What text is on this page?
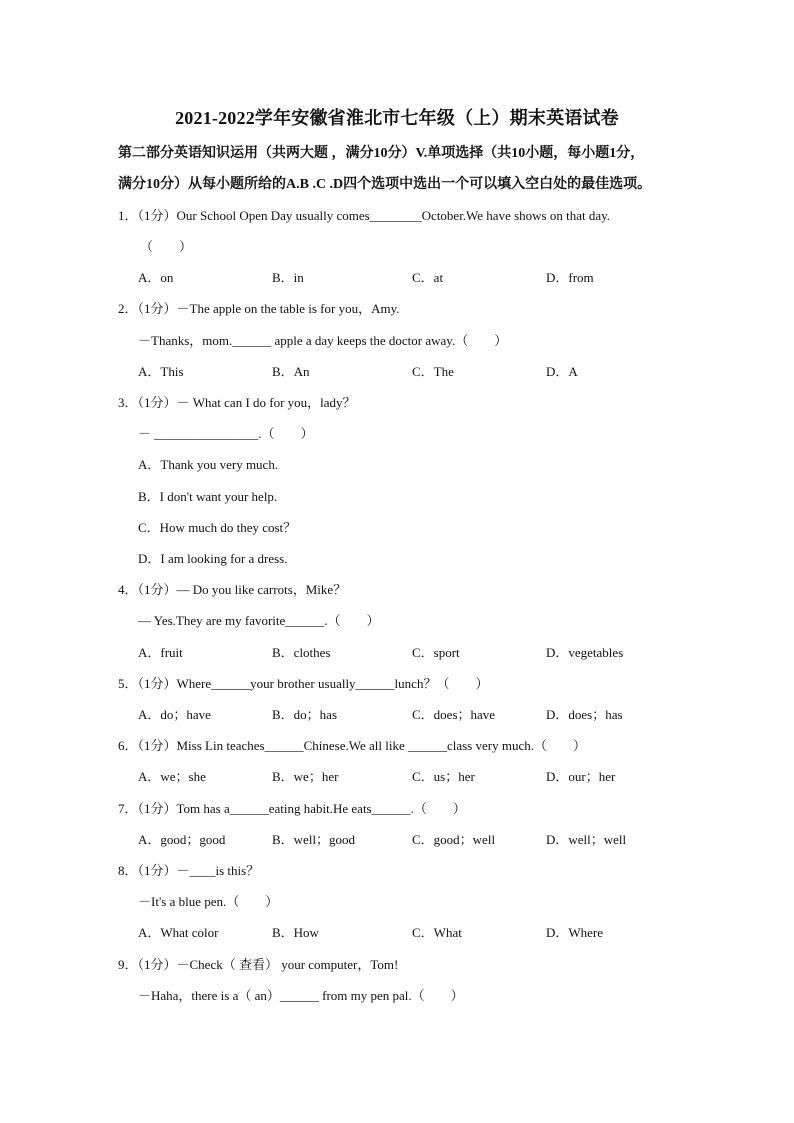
2021-2022学年安徽省淮北市七年级（上）期末英语试卷
第二部分英语知识运用（共两大题 ，满分10分）V.单项选择（共10小题，每小题1分，
满分10分）从每小题所给的A.B .C .D四个选项中选出一个可以填入空白处的最佳选项。
1．（1分）Our School Open Day usually comes________October.We have shows on that day.
（　　）
A．on	B．in	C．at	D．from
2．（1分）－The apple on the table is for you，Amy.
－Thanks，mom.______ apple a day keeps the doctor away.（　　）
A．This	B．An	C．The	D．A
3．（1分）－ What can I do for you，lady？
－ ________________.（　　）
A．Thank you very much.
B．I don't want your help.
C．How much do they cost？
D．I am looking for a dress.
4．（1分）— Do you like carrots，Mike？
— Yes.They are my favorite______.（　　）
A．fruit	B．clothes	C．sport	D．vegetables
5．（1分）Where______your brother usually______lunch？（　　）
A．do；have	B．do；has	C．does；have	D．does；has
6．（1分）Miss Lin teaches______Chinese.We all like ______class very much.（　　）
A．we；she	B．we；her	C．us；her	D．our；her
7．（1分）Tom has a______eating habit.He eats______.（　　）
A．good；good	B．well；good	C．good；well	D．well；well
8．（1分）－____is this？
－It's a blue pen.（　　）
A．What color	B．How	C．What	D．Where
9．（1分）－Check（ 查看） your computer，Tom!
－Haha，there is a（ an）______ from my pen pal.（　　）
